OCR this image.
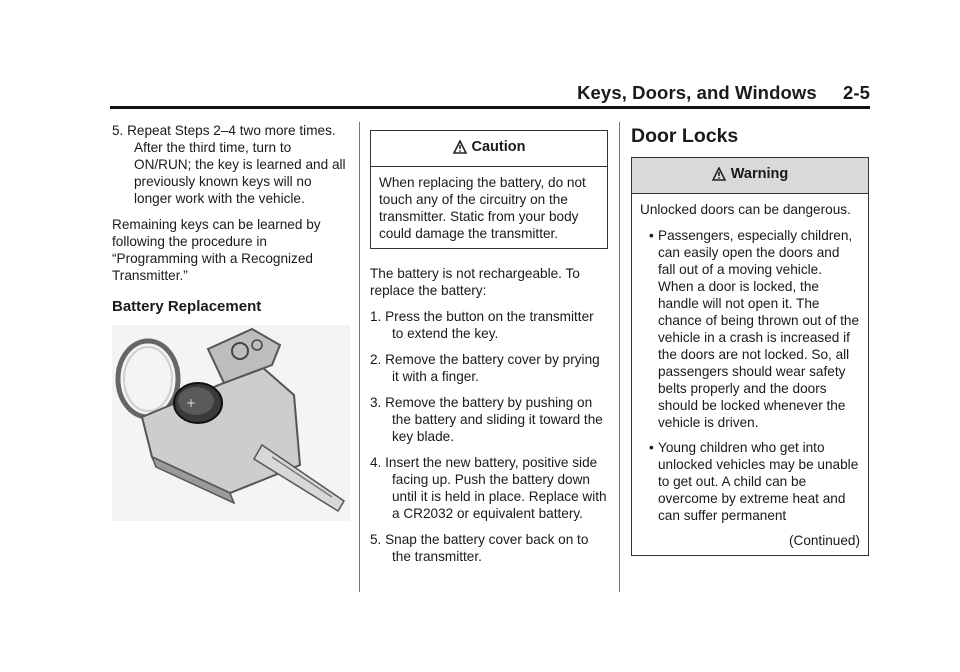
Keys, Doors, and Windows     2-5

5. Repeat Steps 2–4 two more times. After the third time, turn to ON/RUN; the key is learned and all previously known keys will no longer work with the vehicle.

Remaining keys can be learned by following the procedure in “Programming with a Recognized Transmitter.”

Battery Replacement
+
Caution
When replacing the battery, do not touch any of the circuitry on the transmitter. Static from your body could damage the transmitter.

The battery is not rechargeable. To replace the battery:

1. Press the button on the transmitter to extend the key.

2. Remove the battery cover by prying it with a finger.

3. Remove the battery by pushing on the battery and sliding it toward the key blade.

4. Insert the new battery, positive side facing up. Push the battery down until it is held in place. Replace with a CR2032 or equivalent battery.

5. Snap the battery cover back on to the transmitter.

Door Locks
Warning

Unlocked doors can be dangerous.

• Passengers, especially children, can easily open the doors and fall out of a moving vehicle. When a door is locked, the handle will not open it. The chance of being thrown out of the vehicle in a crash is increased if the doors are not locked. So, all passengers should wear safety belts properly and the doors should be locked whenever the vehicle is driven.
• Young children who get into unlocked vehicles may be unable to get out. A child can be overcome by extreme heat and can suffer permanent

(Continued)
